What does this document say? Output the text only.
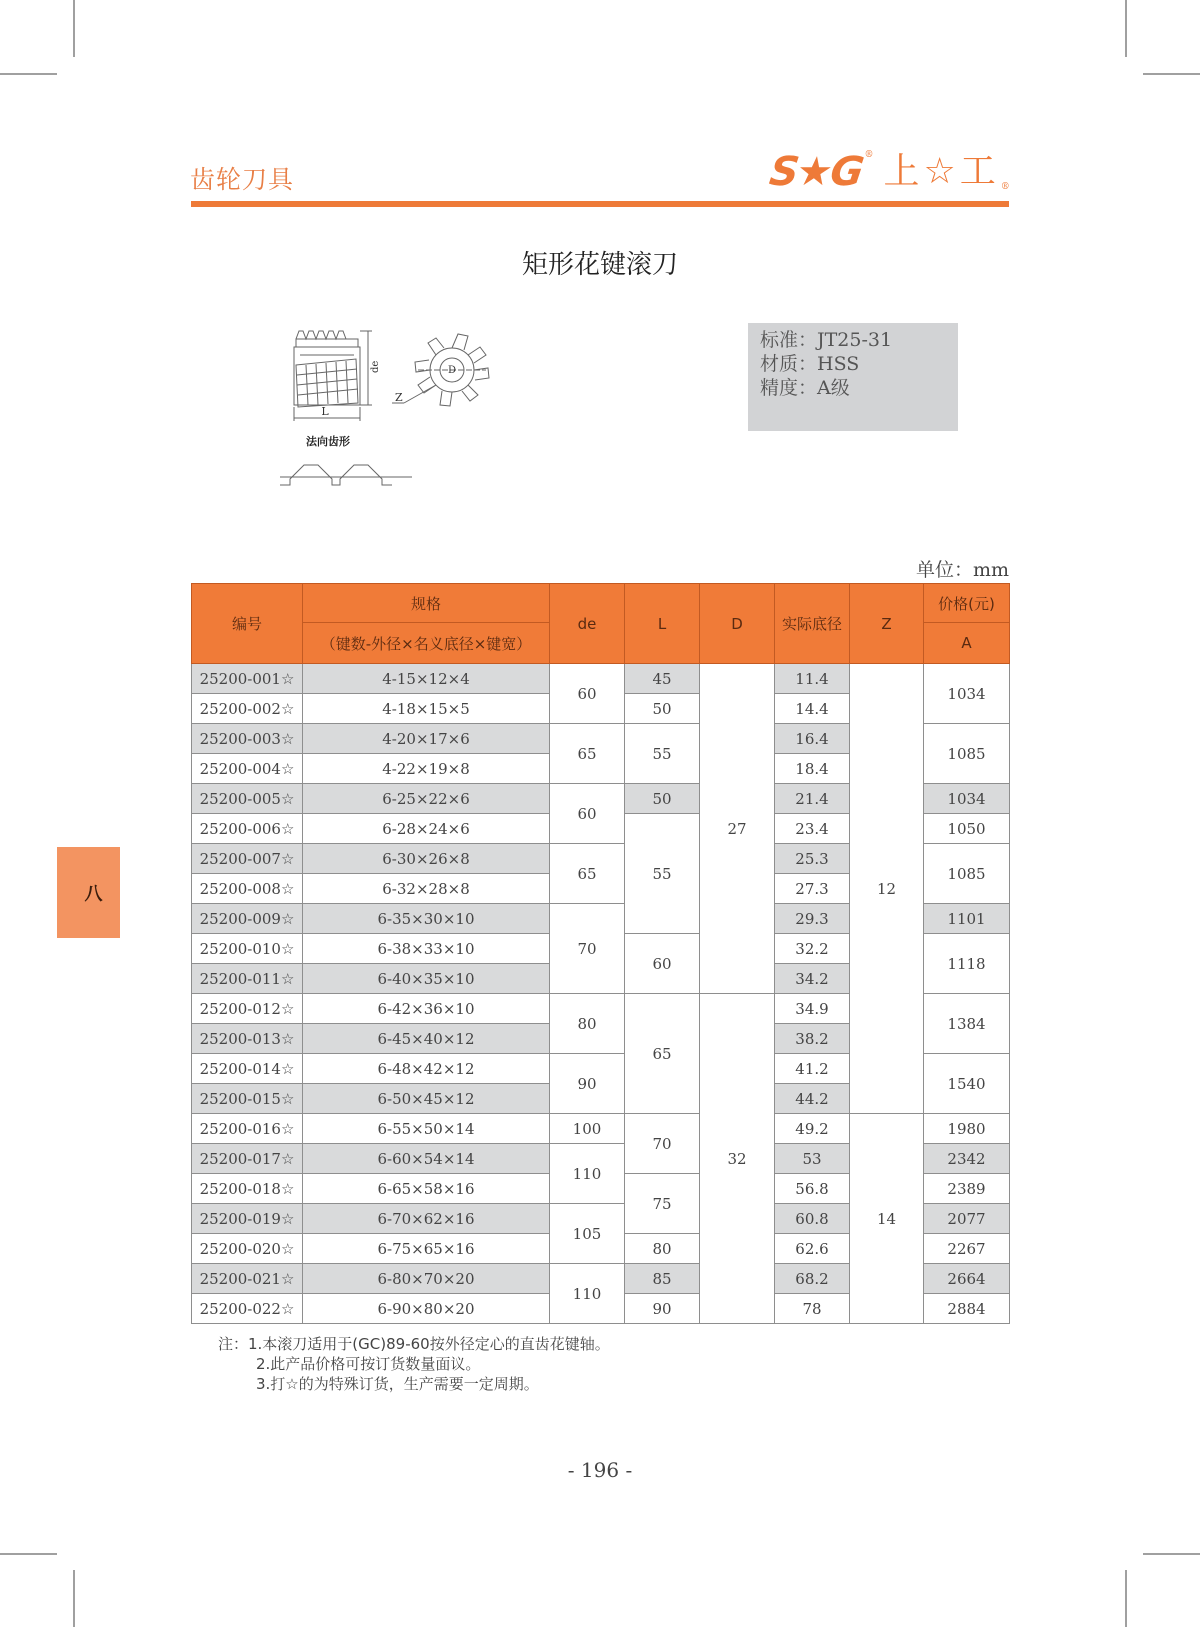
齿轮刀具	S★G ® 上☆工 ®
矩形花键滚刀
L
de	D
Z
法向齿形
标准：JT25-31
材质：HSS
精度：A级
单位：mm
编号	规格	de	L	D	实际底径	Z	价格(元)
	（键数-外径×名义底径×键宽）						A
25200-001☆	4-15×12×4	60	45	27	11.4	12	1034
25200-002☆	4-18×15×5		50		14.4		
25200-003☆	4-20×17×6	65	55		16.4		1085
25200-004☆	4-22×19×8				18.4		
25200-005☆	6-25×22×6	60	50		21.4		1034
25200-006☆	6-28×24×6		55		23.4		1050
25200-007☆	6-30×26×8	65			25.3		1085
25200-008☆	6-32×28×8				27.3		
25200-009☆	6-35×30×10	70			29.3		1101
25200-010☆	6-38×33×10		60		32.2		1118
25200-011☆	6-40×35×10				34.2		
25200-012☆	6-42×36×10	80	65	32	34.9		1384
25200-013☆	6-45×40×12				38.2		
25200-014☆	6-48×42×12	90			41.2		1540
25200-015☆	6-50×45×12				44.2		
25200-016☆	6-55×50×14	100	70		49.2	14	1980
25200-017☆	6-60×54×14	110			53		2342
25200-018☆	6-65×58×16		75		56.8		2389
25200-019☆	6-70×62×16	105			60.8		2077
25200-020☆	6-75×65×16		80		62.6		2267
25200-021☆	6-80×70×20	110	85		68.2		2664
25200-022☆	6-90×80×20		90		78		2884
注：1.本滚刀适用于(GC)89-60按外径定心的直齿花键轴。
2.此产品价格可按订货数量面议。
3.打☆的为特殊订货，生产需要一定周期。
八
- 196 -
